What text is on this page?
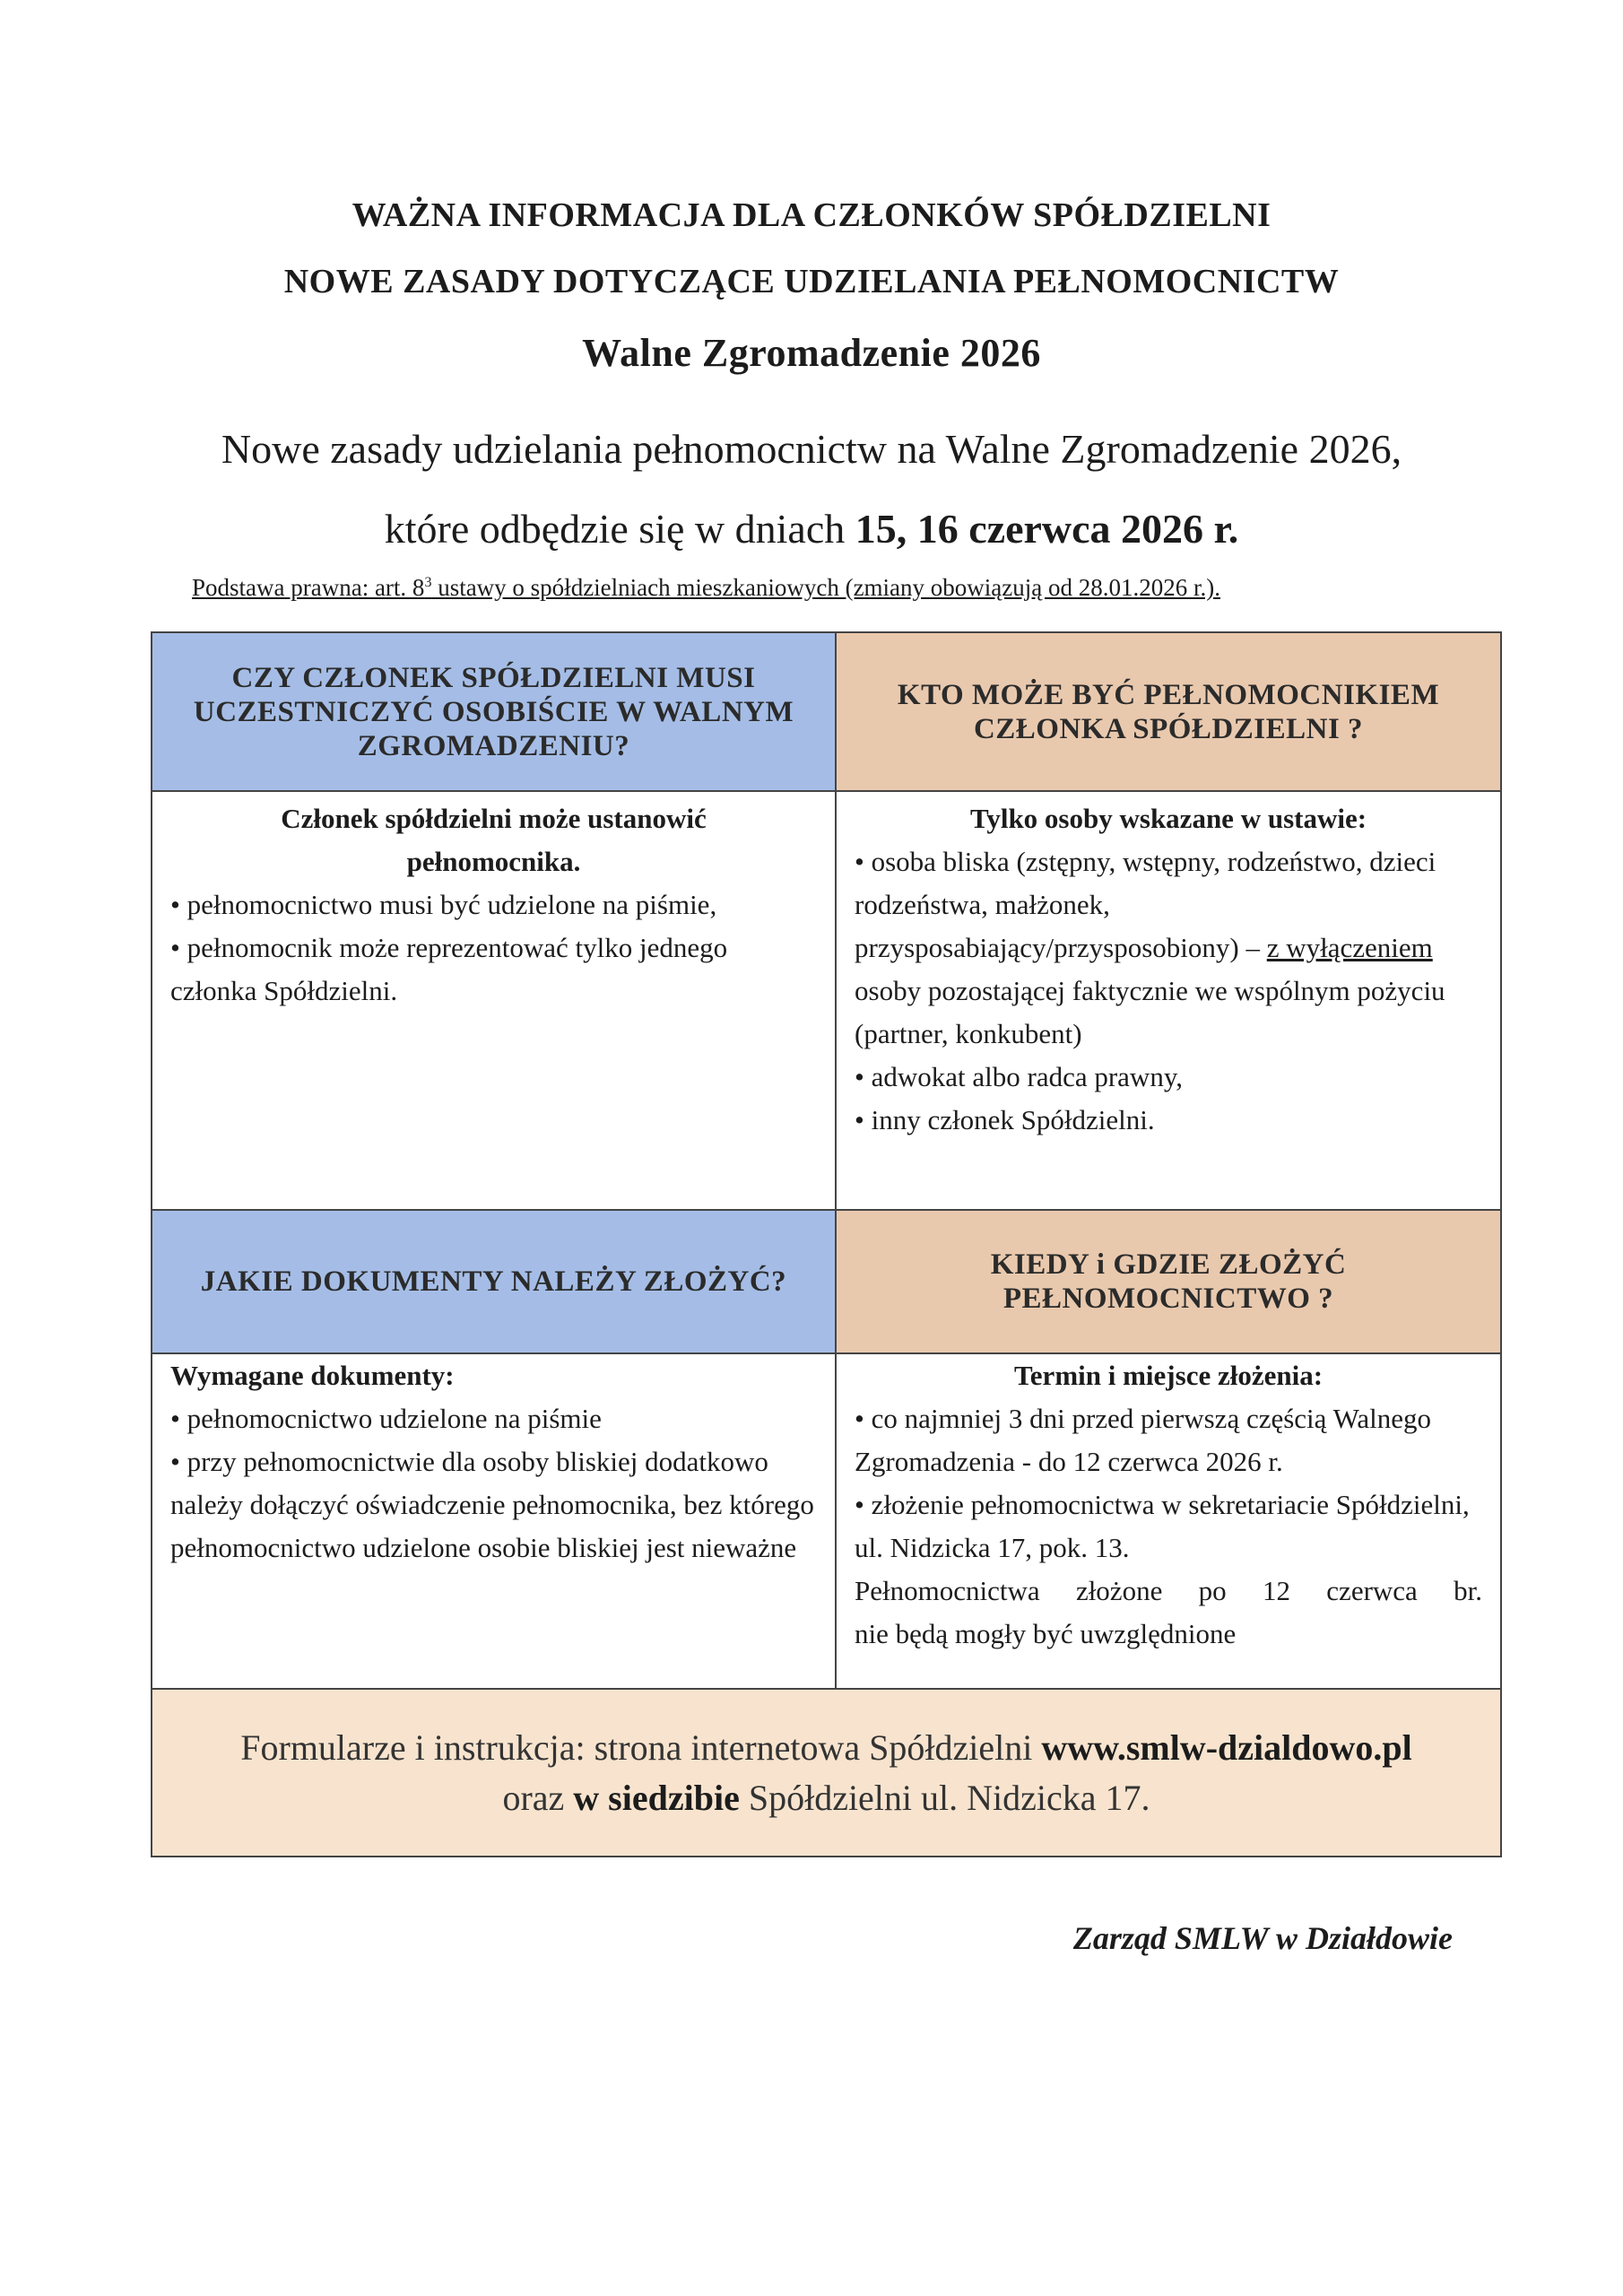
WAŻNA INFORMACJA DLA CZŁONKÓW SPÓŁDZIELNI
NOWE ZASADY DOTYCZĄCE UDZIELANIA PEŁNOMOCNICTW
Walne Zgromadzenie 2026
Nowe zasady udzielania pełnomocnictw na Walne Zgromadzenie 2026,
które odbędzie się w dniach 15, 16 czerwca 2026 r.
Podstawa prawna: art. $8^3$ ustawy o spółdzielniach mieszkaniowych (zmiany obowiązują od 28.01.2026 r.).
CZY CZŁONEK SPÓŁDZIELNI MUSI UCZESTNICZYĆ OSOBIŚCIE W WALNYM ZGROMADZENIU?
KTO MOŻE BYĆ PEŁNOMOCNIKIEM CZŁONKA SPÓŁDZIELNI ?

Członek spółdzielni może ustanowić pełnomocnika.

• pełnomocnictwo musi być udzielone na piśmie,

• pełnomocnik może reprezentować tylko jednego członka Spółdzielni.

Tylko osoby wskazane w ustawie:

• osoba bliska (zstępny, wstępny, rodzeństwo, dzieci rodzeństwa, małżonek, przysposabiający/przysposobiony) – z wyłączeniem osoby pozostającej faktycznie we wspólnym pożyciu (partner, konkubent)

• adwokat albo radca prawny,

• inny członek Spółdzielni.

JAKIE DOKUMENTY NALEŻY ZŁOŻYĆ?
KIEDY i GDZIE ZŁOŻYĆ PEŁNOMOCNICTWO ?

Wymagane dokumenty:

• pełnomocnictwo udzielone na piśmie

• przy pełnomocnictwie dla osoby bliskiej dodatkowo należy dołączyć oświadczenie pełnomocnika, bez którego pełnomocnictwo udzielone osobie bliskiej jest nieważne

Termin i miejsce złożenia:

• co najmniej 3 dni przed pierwszą częścią Walnego Zgromadzenia - do 12 czerwca 2026 r.

• złożenie pełnomocnictwa w sekretariacie Spółdzielni, ul. Nidzicka 17, pok. 13.

Pełnomocnictwa złożone po 12 czerwca br.

nie będą mogły być uwzględnione

Formularze i instrukcja: strona internetowa Spółdzielni www.smlw-dzialdowo.pl
oraz w siedzibie Spółdzielni ul. Nidzicka 17.
Zarząd SMLW w Działdowie
